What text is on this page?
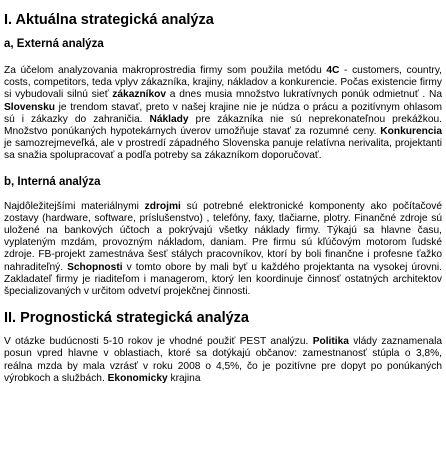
I. Aktuálna strategická analýza

a, Externá analýza

Za účelom analyzovania makroprostredia firmy som použila metódu 4C - customers, country, costs, competitors, teda vplyv zákazníka, krajiny, nákladov a konkurencie. Počas existencie firmy si vybudovali silnú sieť zákazníkov a dnes musia množstvo lukratívnych ponúk odmietnuť . Na Slovensku je trendom stavať, preto v našej krajine nie je núdza o prácu a pozitívnym ohlasom sú i zákazky do zahraničia. Náklady pre zákazníka nie sú neprekonateľnou prekážkou. Množstvo ponúkaných hypotekárnych úverov umožňuje stavať za rozumné ceny. Konkurencia je samozrejmeveľká, ale v prostredí západného Slovenska panuje relatívna nerivalita, projektanti sa snažia spolupracovať a podľa potreby sa zákazníkom doporučovať.

b, Interná analýza

Najdôležitejšími materiálnymi zdrojmi sú potrebné elektronické komponenty ako počítačové zostavy (hardware, software, príslušenstvo) , telefóny, faxy, tlačiarne, plotry. Finančné zdroje sú uložené na bankových účtoch a pokrývajú všetky náklady firmy. Týkajú sa hlavne času, vyplateným mzdám, provozným nákladom, daniam. Pre firmu sú kľúčovým motorom ľudské zdroje. FB-projekt zamestnáva šesť stálych pracovníkov, ktorí by boli finančne i profesne ťažko nahraditeľný. Schopnosti v tomto obore by mali byť u každého projektanta na vysokej úrovni. Zakladateľ firmy je riaditeľom i managerom, ktorý len koordinuje činnosť ostatných architektov špecializovaných v určitom odvetví projekčnej činnosti.

II. Prognostická strategická analýza

V otázke budúcnosti 5-10 rokov je vhodné použiť PEST analýzu. Politika vlády zaznamenala posun vpred hlavne v oblastiach, ktoré sa dotýkajú občanov: zamestnanosť stúpla o 3,8%, reálna mzda by mala vzrásť v roku 2008 o 4,5%, čo je pozitívne pre dopyt po ponúkaných výrobkoch a službách. Ekonomicky krajina
